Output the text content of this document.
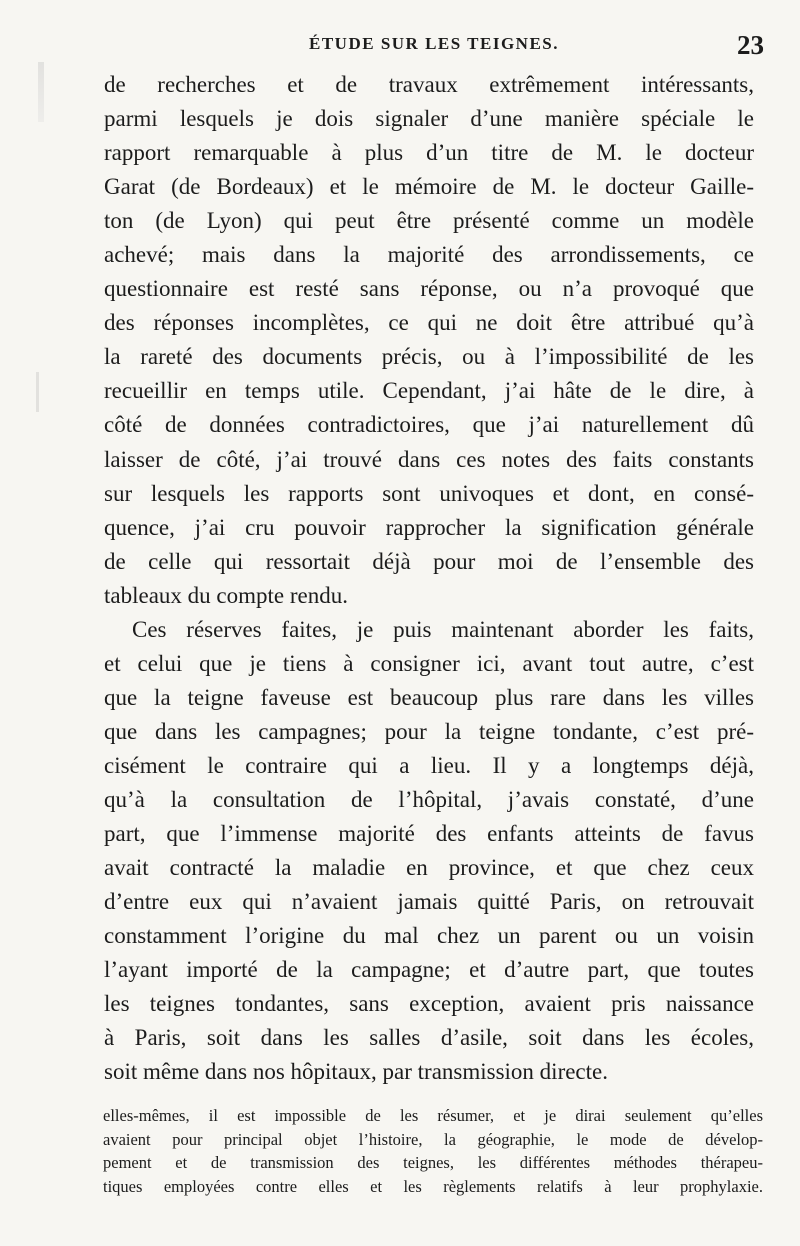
ÉTUDE SUR LES TEIGNES.	23
de recherches et de travaux extrêmement intéressants,
parmi lesquels je dois signaler d’une manière spéciale le
rapport remarquable à plus d’un titre de M. le docteur
Garat (de Bordeaux) et le mémoire de M. le docteur Gaille-
ton (de Lyon) qui peut être présenté comme un modèle
achevé; mais dans la majorité des arrondissements, ce
questionnaire est resté sans réponse, ou n’a provoqué que
des réponses incomplètes, ce qui ne doit être attribué qu’à
la rareté des documents précis, ou à l’impossibilité de les
recueillir en temps utile. Cependant, j’ai hâte de le dire, à
côté de données contradictoires, que j’ai naturellement dû
laisser de côté, j’ai trouvé dans ces notes des faits constants
sur lesquels les rapports sont univoques et dont, en consé-
quence, j’ai cru pouvoir rapprocher la signification générale
de celle qui ressortait déjà pour moi de l’ensemble des
tableaux du compte rendu.
Ces réserves faites, je puis maintenant aborder les faits,
et celui que je tiens à consigner ici, avant tout autre, c’est
que la teigne faveuse est beaucoup plus rare dans les villes
que dans les campagnes; pour la teigne tondante, c’est pré-
cisément le contraire qui a lieu. Il y a longtemps déjà,
qu’à la consultation de l’hôpital, j’avais constaté, d’une
part, que l’immense majorité des enfants atteints de favus
avait contracté la maladie en province, et que chez ceux
d’entre eux qui n’avaient jamais quitté Paris, on retrouvait
constamment l’origine du mal chez un parent ou un voisin
l’ayant importé de la campagne; et d’autre part, que toutes
les teignes tondantes, sans exception, avaient pris naissance
à Paris, soit dans les salles d’asile, soit dans les écoles,
soit même dans nos hôpitaux, par transmission directe.
elles-mêmes, il est impossible de les résumer, et je dirai seulement qu’elles
avaient pour principal objet l’histoire, la géographie, le mode de dévelop-
pement et de transmission des teignes, les différentes méthodes thérapeu-
tiques employées contre elles et les règlements relatifs à leur prophylaxie.
